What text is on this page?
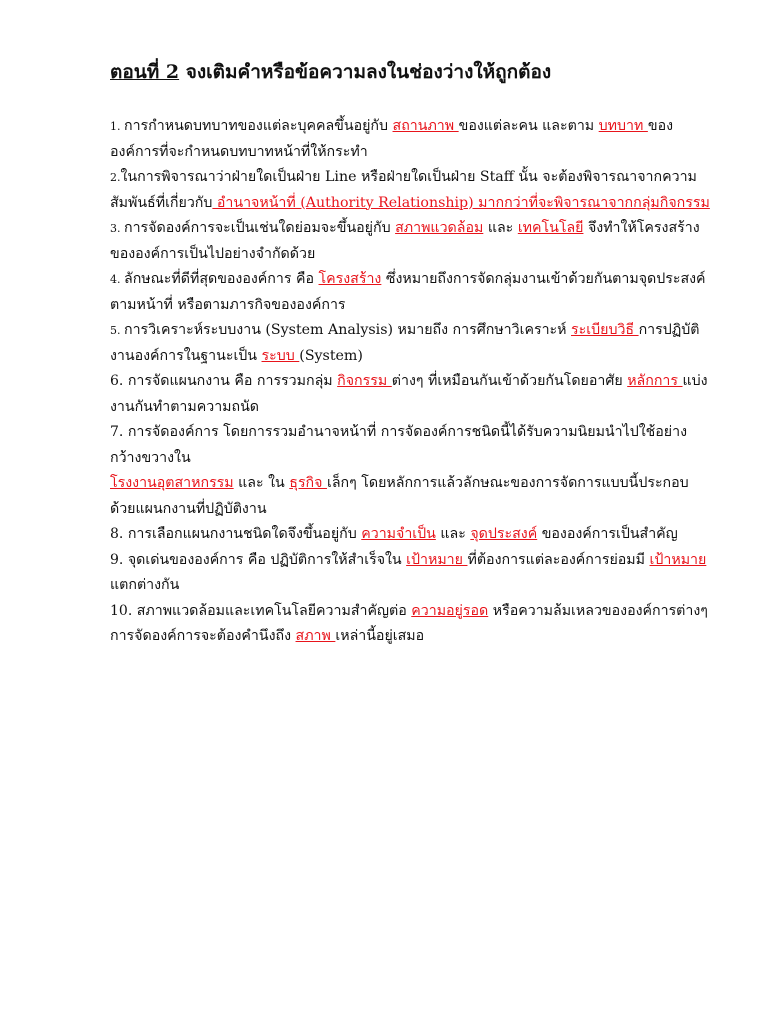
ตอนที่ 2 จงเติมคำหรือข้อความลงในช่องว่างให้ถูกต้อง

1. การกำหนดบทบาทของแต่ละบุคคลขึ้นอยู่กับ สถานภาพ ของแต่ละคน และตาม บทบาท ของ องค์การที่จะกำหนดบทบาทหน้าที่ให้กระทำ

2.ในการพิจารณาว่าฝ่ายใดเป็นฝ่าย Line หรือฝ่ายใดเป็นฝ่าย Staff นั้น จะต้องพิจารณาจากความสัมพันธ์ที่เกี่ยวกับ อำนาจหน้าที่ (Authority Relationship) มากกว่าที่จะพิจารณาจากกลุ่มกิจกรรม

3. การจัดองค์การจะเป็นเช่นใดย่อมจะขึ้นอยู่กับ สภาพแวดล้อม และ เทคโนโลยี จึงทำให้โครงสร้างขององค์การเป็นไปอย่างจำกัดด้วย

4. ลักษณะที่ดีที่สุดขององค์การ คือ โครงสร้าง ซึ่งหมายถึงการจัดกลุ่มงานเข้าด้วยกันตามจุดประสงค์ ตามหน้าที่ หรือตามภารกิจขององค์การ

5. การวิเคราะห์ระบบงาน (System Analysis) หมายถึง การศึกษาวิเคราะห์ ระเบียบวิธี การปฏิบัติงานองค์การในฐานะเป็น ระบบ (System)

6. การจัดแผนกงาน คือ การรวมกลุ่ม กิจกรรม ต่างๆ ที่เหมือนกันเข้าด้วยกันโดยอาศัย หลักการ แบ่งงานกันทำตามความถนัด

7. การจัดองค์การ โดยการรวมอำนาจหน้าที่ การจัดองค์การชนิดนี้ได้รับความนิยมนำไปใช้อย่างกว้างขวางใน
โรงงานอุตสาหกรรม และ ใน ธุรกิจ เล็กๆ โดยหลักการแล้วลักษณะของการจัดการแบบนี้ประกอบด้วยแผนกงานที่ปฏิบัติงาน

8. การเลือกแผนกงานชนิดใดจึงขึ้นอยู่กับ ความจำเป็น และ จุดประสงค์ ขององค์การเป็นสำคัญ

9. จุดเด่นขององค์การ คือ ปฏิบัติการให้สำเร็จใน เป้าหมาย ที่ต้องการแต่ละองค์การย่อมมี เป้าหมาย แตกต่างกัน

10. สภาพแวดล้อมและเทคโนโลยีความสำคัญต่อ ความอยู่รอด หรือความล้มเหลวขององค์การต่างๆ การจัดองค์การจะต้องคำนึงถึง สภาพ เหล่านี้อยู่เสมอ
